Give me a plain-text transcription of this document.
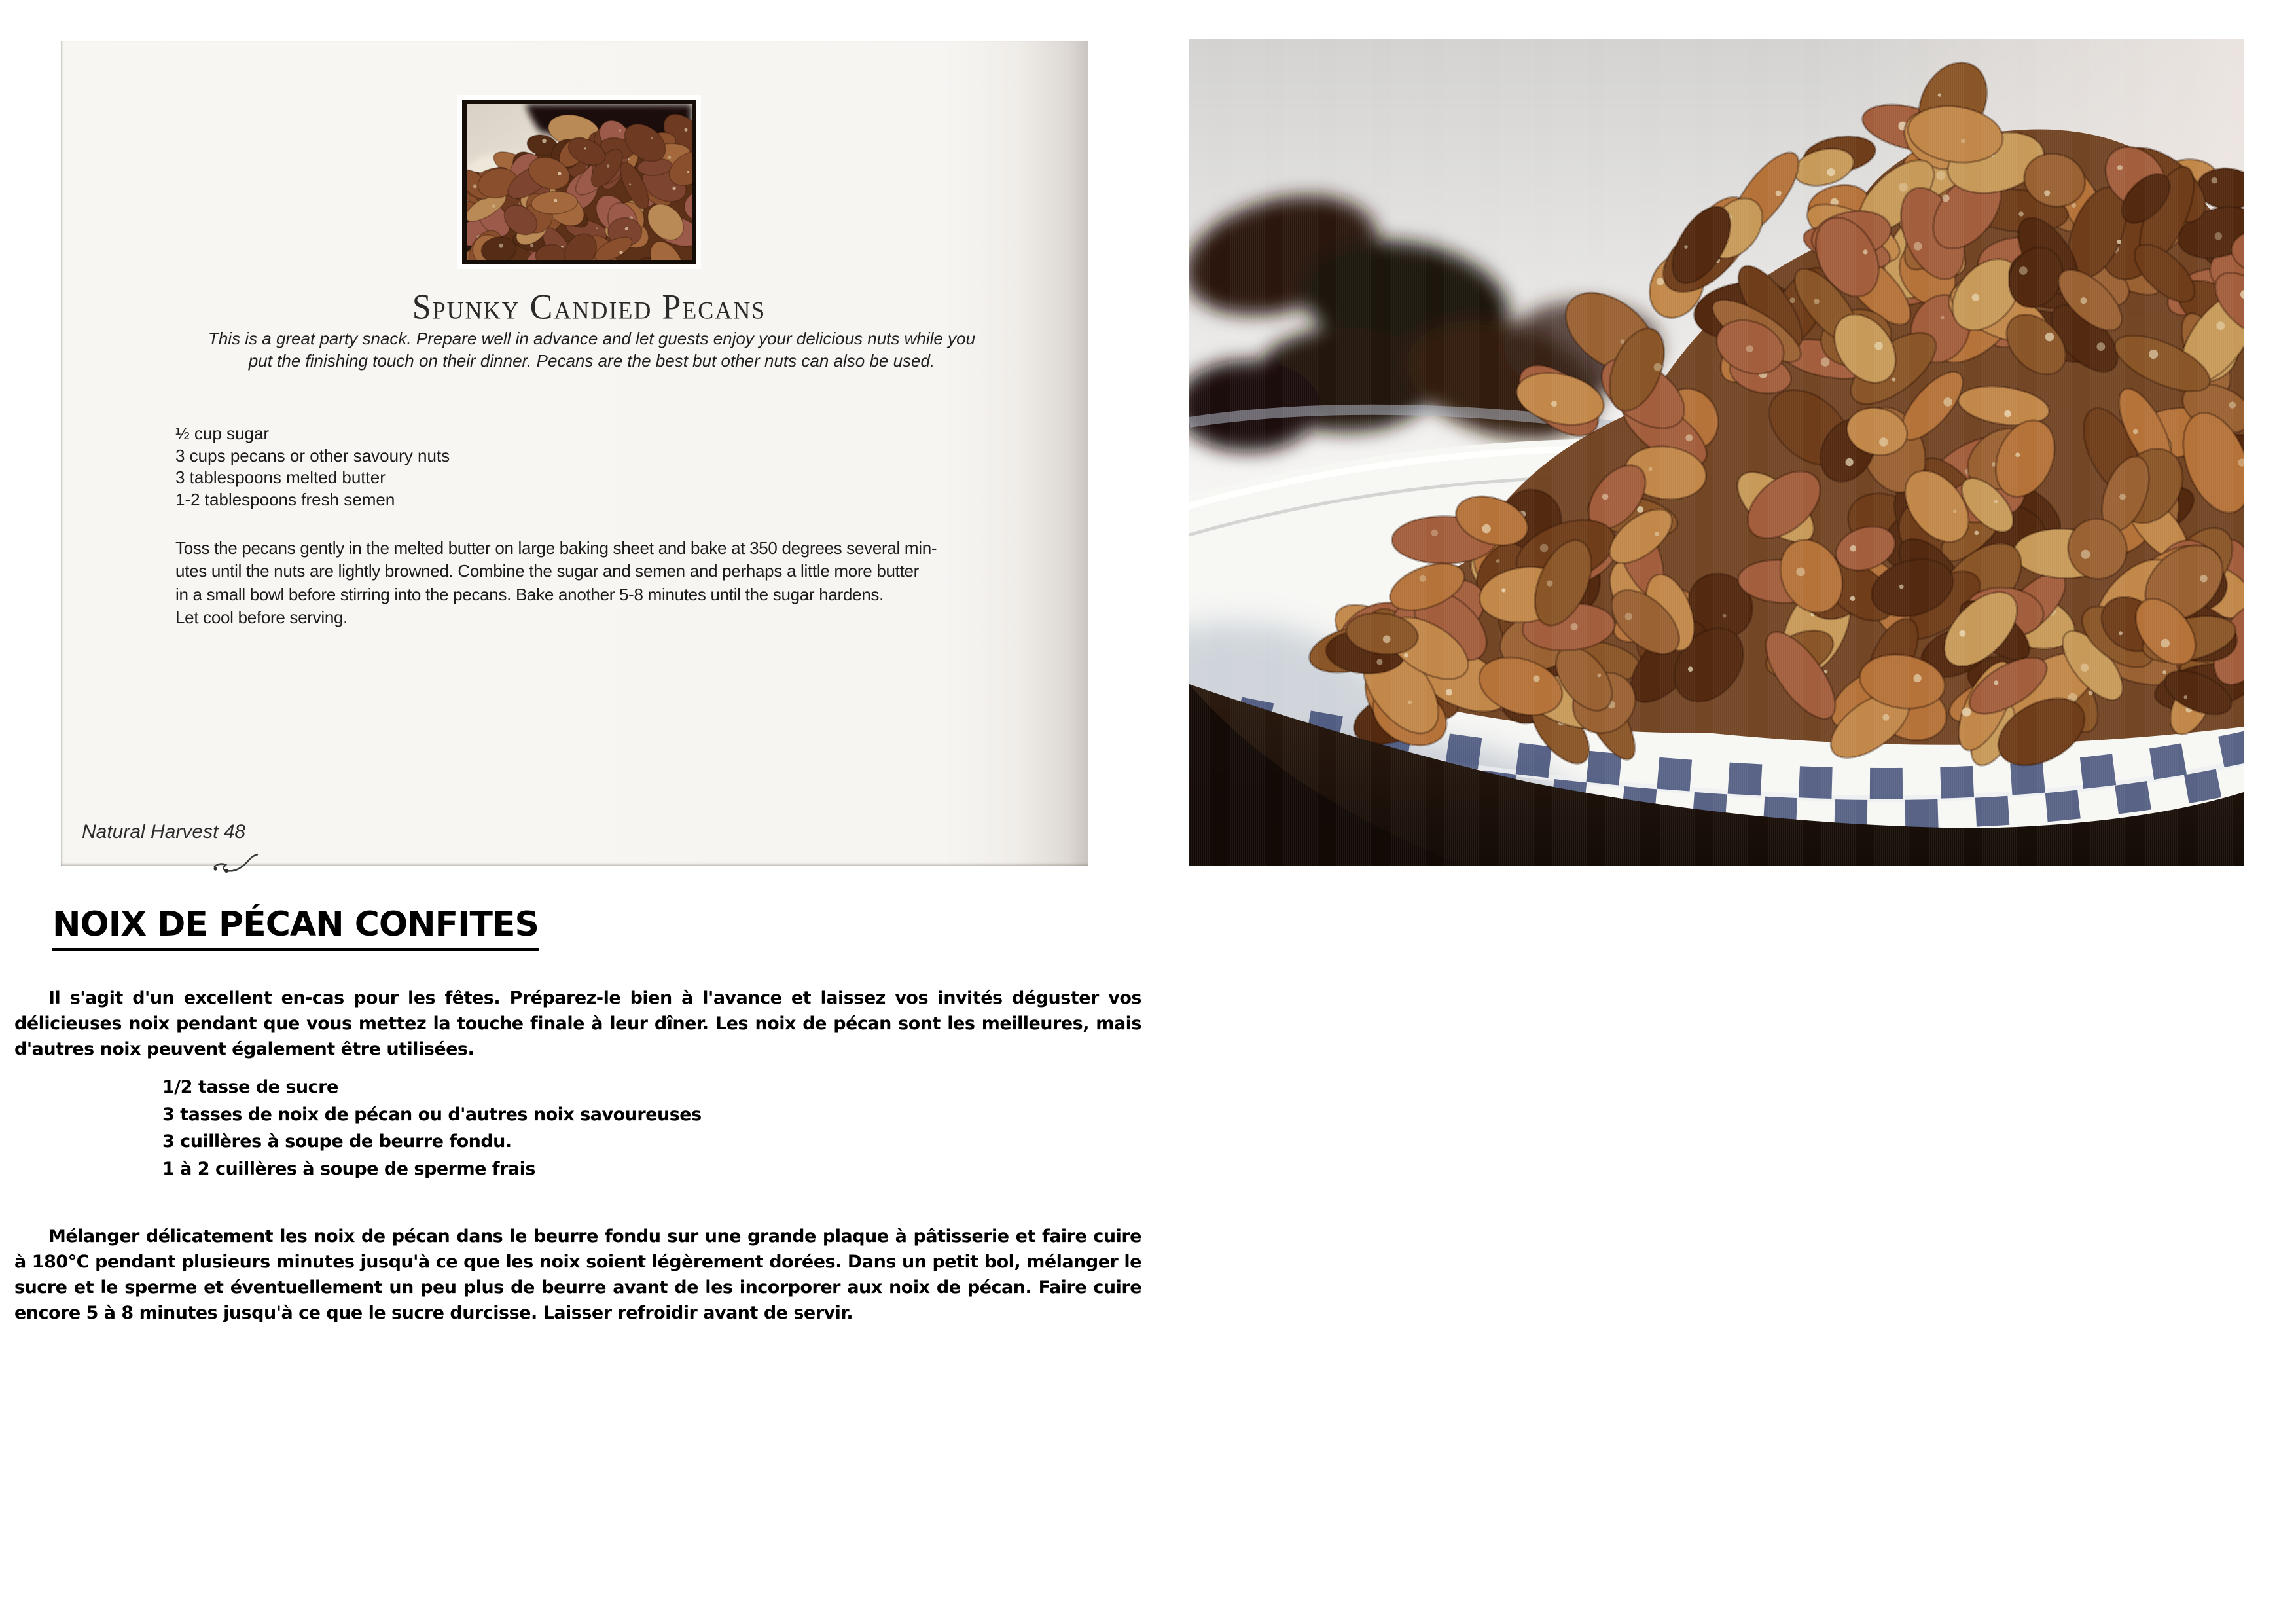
Spunky Candied Pecans
This is a great party snack. Prepare well in advance and let guests enjoy your delicious nuts while you
put the finishing touch on their dinner. Pecans are the best but other nuts can also be used.
½ cup sugar
3 cups pecans or other savoury nuts
3 tablespoons melted butter
1-2 tablespoons fresh semen
Toss the pecans gently in the melted butter on large baking sheet and bake at 350 degrees several min-
utes until the nuts are lightly browned. Combine the sugar and semen and perhaps a little more butter
in a small bowl before stirring into the pecans. Bake another 5-8 minutes until the sugar hardens.
Let cool before serving.
Natural Harvest 48
NOIX DE PÉCAN CONFITES

Il s'agit d'un excellent en-cas pour les fêtes. Préparez-le bien à l'avance et laissez vos invités déguster vos délicieuses noix pendant que vous mettez la touche finale à leur dîner. Les noix de pécan sont les meilleures, mais d'autres noix peuvent également être utilisées.

1/2 tasse de sucre
3 tasses de noix de pécan ou d'autres noix savoureuses
3 cuillères à soupe de beurre fondu.
1 à 2 cuillères à soupe de sperme frais

Mélanger délicatement les noix de pécan dans le beurre fondu sur une grande plaque à pâtisserie et faire cuire à 180°C pendant plusieurs minutes jusqu'à ce que les noix soient légèrement dorées. Dans un petit bol, mélanger le sucre et le sperme et éventuellement un peu plus de beurre avant de les incorporer aux noix de pécan. Faire cuire encore 5 à 8 minutes jusqu'à ce que le sucre durcisse. Laisser refroidir avant de servir.
